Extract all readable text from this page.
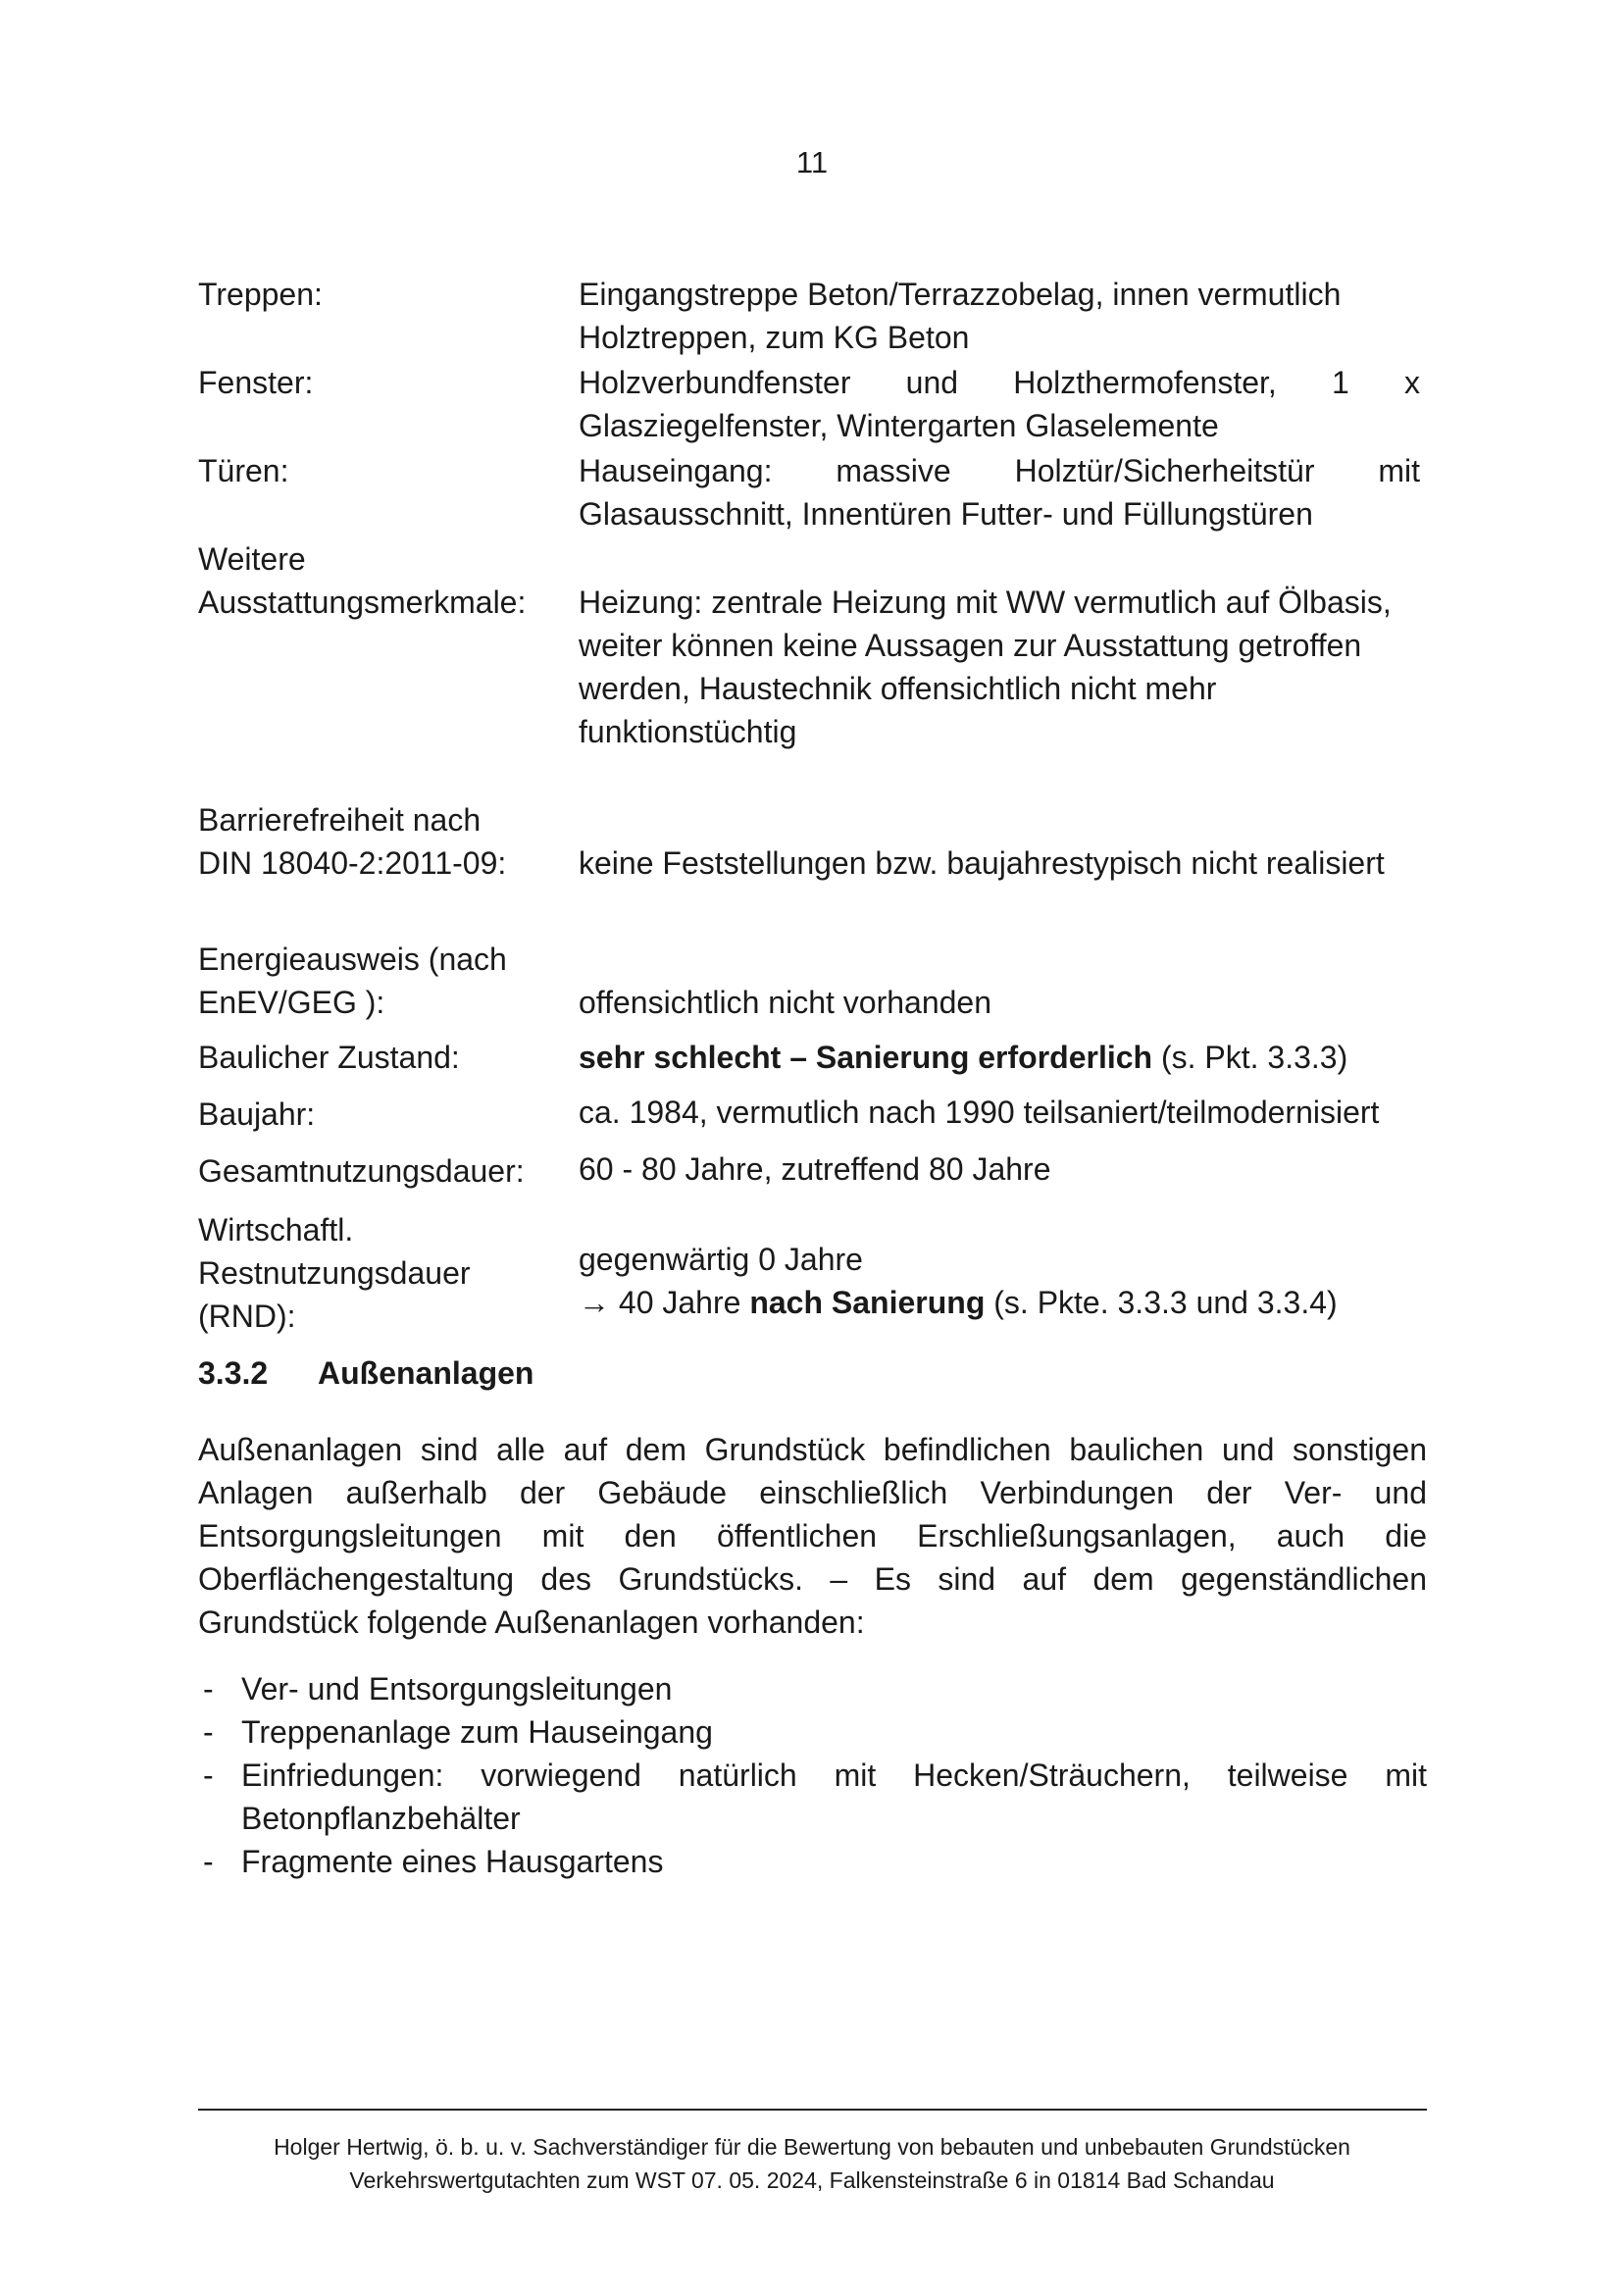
11
Treppen:	Eingangstreppe Beton/Terrazzobelag, innen vermutlich Holztreppen, zum KG Beton
Fenster:	Holzverbundfenster und Holzthermofenster, 1 x Glasziegelfenster, Wintergarten Glaselemente
Türen:	Hauseingang: massive Holztür/Sicherheitstür mit Glasausschnitt, Innentüren Futter- und Füllungstüren
Weitere Ausstattungsmerkmale: Heizung: zentrale Heizung mit WW vermutlich auf Ölbasis, weiter können keine Aussagen zur Ausstattung getroffen werden, Haustechnik offensichtlich nicht mehr funktionstüchtig
Barrierefreiheit nach DIN 18040-2:2011-09:	keine Feststellungen bzw. baujahrestypisch nicht realisiert
Energieausweis (nach EnEV/GEG ):	offensichtlich nicht vorhanden
Baulicher Zustand:	sehr schlecht – Sanierung erforderlich (s. Pkt. 3.3.3)
Baujahr:	ca. 1984, vermutlich nach 1990 teilsaniert/teilmodernisiert
Gesamtnutzungsdauer:	60 - 80 Jahre, zutreffend 80 Jahre
Wirtschaftl. Restnutzungsdauer (RND):
gegenwärtig 0 Jahre
→ 40 Jahre nach Sanierung (s. Pkte. 3.3.3 und 3.3.4)
3.3.2 Außenanlagen
Außenanlagen sind alle auf dem Grundstück befindlichen baulichen und sonstigen Anlagen außerhalb der Gebäude einschließlich Verbindungen der Ver- und Entsorgungsleitungen mit den öffentlichen Erschließungsanlagen, auch die Oberflächengestaltung des Grundstücks. – Es sind auf dem gegenständlichen Grundstück folgende Außenanlagen vorhanden:
- Ver- und Entsorgungsleitungen
- Treppenanlage zum Hauseingang
- Einfriedungen: vorwiegend natürlich mit Hecken/Sträuchern, teilweise mit Betonpflanzbehälter
- Fragmente eines Hausgartens
Holger Hertwig, ö. b. u. v. Sachverständiger für die Bewertung von bebauten und unbebauten Grundstücken
Verkehrswertgutachten zum WST 07. 05. 2024, Falkensteinstraße 6 in 01814 Bad Schandau
